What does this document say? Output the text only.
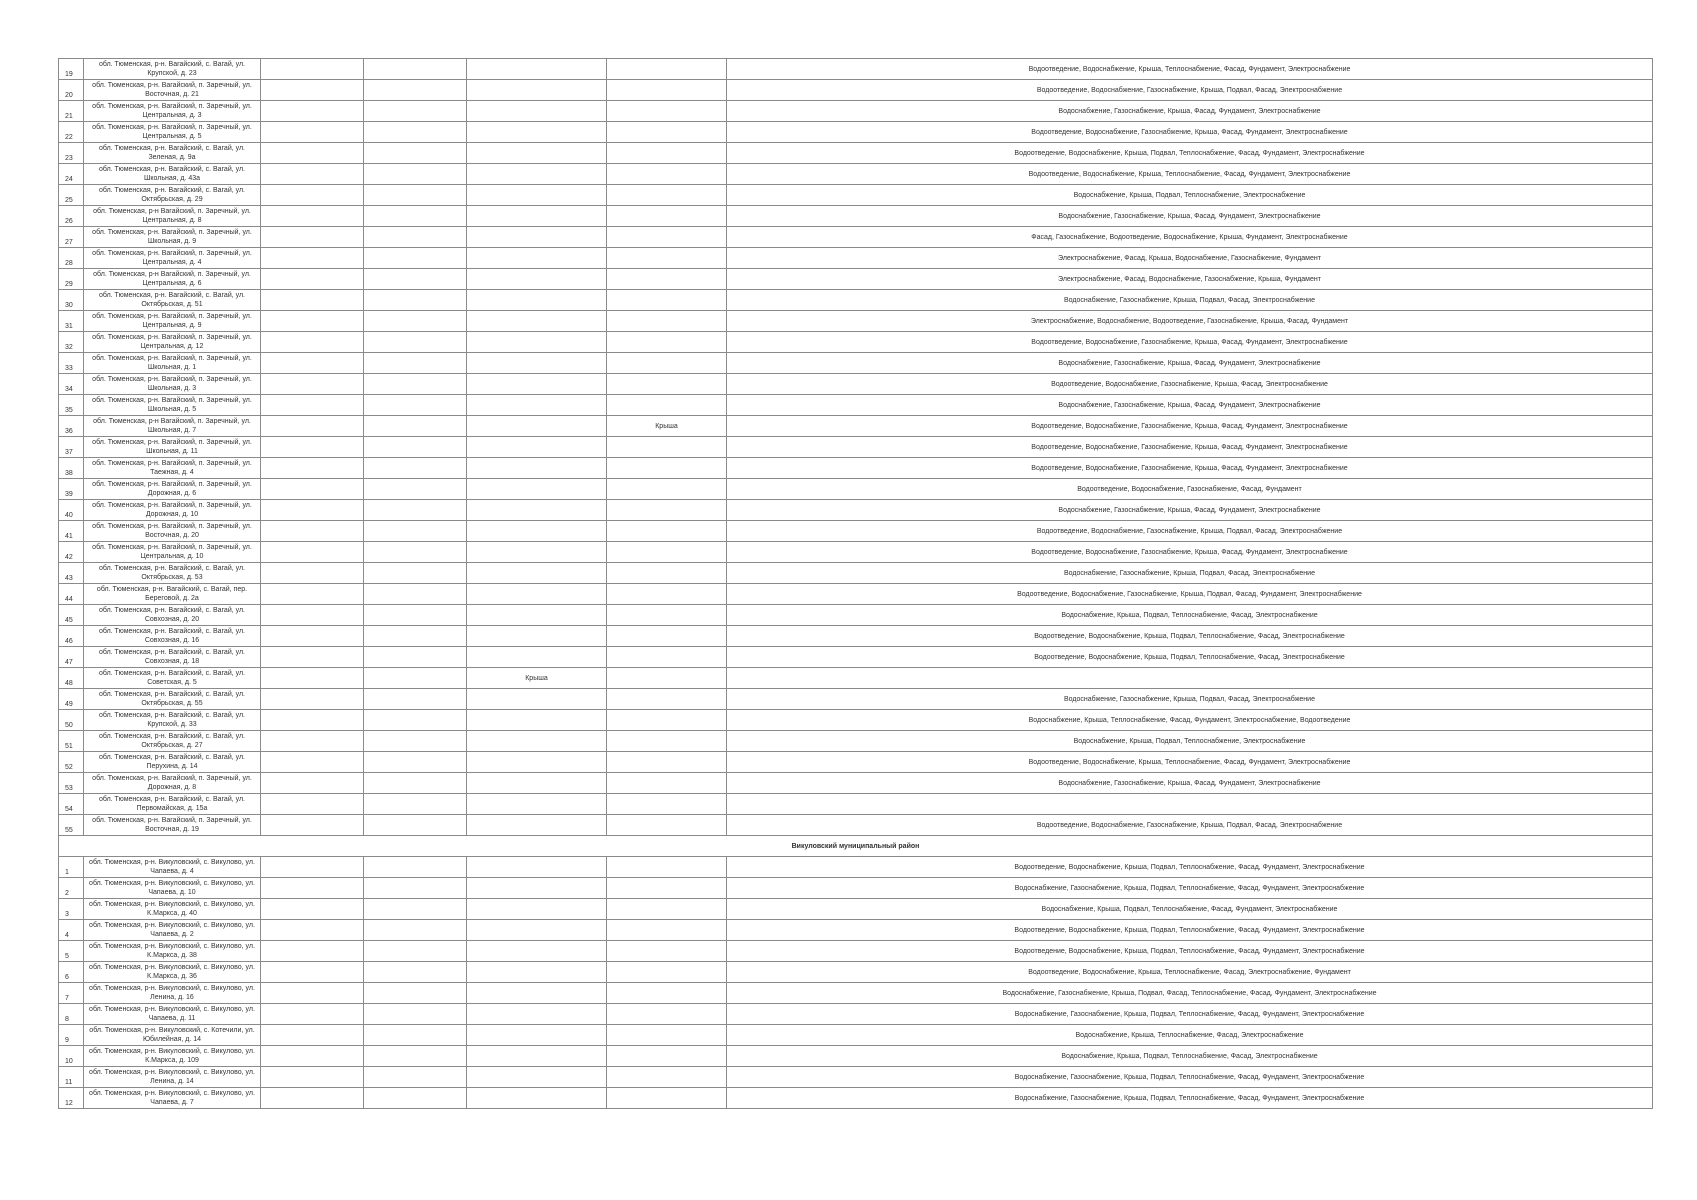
19	обл. Тюменская, р-н. Вагайский, с. Вагай, ул. Крупской, д. 23					Водоотведение, Водоснабжение, Крыша, Теплоснабжение, Фасад, Фундамент, Электроснабжение
20	обл. Тюменская, р-н. Вагайский, п. Заречный, ул. Восточная, д. 21					Водоотведение, Водоснабжение, Газоснабжение, Крыша, Подвал, Фасад, Электроснабжение
21	обл. Тюменская, р-н. Вагайский, п. Заречный, ул. Центральная, д. 3					Водоснабжение, Газоснабжение, Крыша, Фасад, Фундамент, Электроснабжение
22	обл. Тюменская, р-н. Вагайский, п. Заречный, ул. Центральная, д. 5					Водоотведение, Водоснабжение, Газоснабжение, Крыша, Фасад, Фундамент, Электроснабжение
23	обл. Тюменская, р-н. Вагайский, с. Вагай, ул. Зеленая, д. 9а					Водоотведение, Водоснабжение, Крыша, Подвал, Теплоснабжение, Фасад, Фундамент, Электроснабжение
24	обл. Тюменская, р-н. Вагайский, с. Вагай, ул. Школьная, д. 43а					Водоотведение, Водоснабжение, Крыша, Теплоснабжение, Фасад, Фундамент, Электроснабжение
25	обл. Тюменская, р-н. Вагайский, с. Вагай, ул. Октябрьская, д. 29					Водоснабжение, Крыша, Подвал, Теплоснабжение, Электроснабжение
26	обл. Тюменская, р-н Вагайский, п. Заречный, ул. Центральная, д. 8					Водоснабжение, Газоснабжение, Крыша, Фасад, Фундамент, Электроснабжение
27	обл. Тюменская, р-н. Вагайский, п. Заречный, ул. Школьная, д. 9					Фасад, Газоснабжение, Водоотведение, Водоснабжение, Крыша, Фундамент, Электроснабжение
28	обл. Тюменская, р-н. Вагайский, п. Заречный, ул. Центральная, д. 4					Электроснабжение, Фасад, Крыша, Водоснабжение, Газоснабжение, Фундамент
29	обл. Тюменская, р-н Вагайский, п. Заречный, ул. Центральная, д. 6					Электроснабжение, Фасад, Водоснабжение, Газоснабжение, Крыша, Фундамент
30	обл. Тюменская, р-н. Вагайский, с. Вагай, ул. Октябрьская, д. 51					Водоснабжение, Газоснабжение, Крыша, Подвал, Фасад, Электроснабжение
31	обл. Тюменская, р-н. Вагайский, п. Заречный, ул. Центральная, д. 9					Электроснабжение, Водоснабжение, Водоотведение, Газоснабжение, Крыша, Фасад, Фундамент
32	обл. Тюменская, р-н. Вагайский, п. Заречный, ул. Центральная, д. 12					Водоотведение, Водоснабжение, Газоснабжение, Крыша, Фасад, Фундамент, Электроснабжение
33	обл. Тюменская, р-н. Вагайский, п. Заречный, ул. Школьная, д. 1					Водоснабжение, Газоснабжение, Крыша, Фасад, Фундамент, Электроснабжение
34	обл. Тюменская, р-н. Вагайский, п. Заречный, ул. Школьная, д. 3					Водоотведение, Водоснабжение, Газоснабжение, Крыша, Фасад, Электроснабжение
35	обл. Тюменская, р-н. Вагайский, п. Заречный, ул. Школьная, д. 5					Водоснабжение, Газоснабжение, Крыша, Фасад, Фундамент, Электроснабжение
36	обл. Тюменская, р-н Вагайский, п. Заречный, ул. Школьная, д. 7				Крыша	Водоотведение, Водоснабжение, Газоснабжение, Крыша, Фасад, Фундамент, Электроснабжение
37	обл. Тюменская, р-н. Вагайский, п. Заречный, ул. Школьная, д. 11					Водоотведение, Водоснабжение, Газоснабжение, Крыша, Фасад, Фундамент, Электроснабжение
38	обл. Тюменская, р-н. Вагайский, п. Заречный, ул. Таежная, д. 4					Водоотведение, Водоснабжение, Газоснабжение, Крыша, Фасад, Фундамент, Электроснабжение
39	обл. Тюменская, р-н. Вагайский, п. Заречный, ул. Дорожная, д. 6					Водоотведение, Водоснабжение, Газоснабжение, Фасад, Фундамент
40	обл. Тюменская, р-н. Вагайский, п. Заречный, ул. Дорожная, д. 10					Водоснабжение, Газоснабжение, Крыша, Фасад, Фундамент, Электроснабжение
41	обл. Тюменская, р-н. Вагайский, п. Заречный, ул. Восточная, д. 20					Водоотведение, Водоснабжение, Газоснабжение, Крыша, Подвал, Фасад, Электроснабжение
42	обл. Тюменская, р-н. Вагайский, п. Заречный, ул. Центральная, д. 10					Водоотведение, Водоснабжение, Газоснабжение, Крыша, Фасад, Фундамент, Электроснабжение
43	обл. Тюменская, р-н. Вагайский, с. Вагай, ул. Октябрьская, д. 53					Водоснабжение, Газоснабжение, Крыша, Подвал, Фасад, Электроснабжение
44	обл. Тюменская, р-н. Вагайский, с. Вагай, пер. Береговой, д. 2а					Водоотведение, Водоснабжение, Газоснабжение, Крыша, Подвал, Фасад, Фундамент, Электроснабжение
45	обл. Тюменская, р-н. Вагайский, с. Вагай, ул. Совхозная, д. 20					Водоснабжение, Крыша, Подвал, Теплоснабжение, Фасад, Электроснабжение
46	обл. Тюменская, р-н. Вагайский, с. Вагай, ул. Совхозная, д. 16					Водоотведение, Водоснабжение, Крыша, Подвал, Теплоснабжение, Фасад, Электроснабжение
47	обл. Тюменская, р-н. Вагайский, с. Вагай, ул. Совхозная, д. 18					Водоотведение, Водоснабжение, Крыша, Подвал, Теплоснабжение, Фасад, Электроснабжение
48	обл. Тюменская, р-н. Вагайский, с. Вагай, ул. Советская, д. 5			Крыша		
49	обл. Тюменская, р-н. Вагайский, с. Вагай, ул. Октябрьская, д. 55					Водоснабжение, Газоснабжение, Крыша, Подвал, Фасад, Электроснабжение
50	обл. Тюменская, р-н. Вагайский, с. Вагай, ул. Крупской, д. 33					Водоснабжение, Крыша, Теплоснабжение, Фасад, Фундамент, Электроснабжение, Водоотведение
51	обл. Тюменская, р-н. Вагайский, с. Вагай, ул. Октябрьская, д. 27					Водоснабжение, Крыша, Подвал, Теплоснабжение, Электроснабжение
52	обл. Тюменская, р-н. Вагайский, с. Вагай, ул. Перухина, д. 14					Водоотведение, Водоснабжение, Крыша, Теплоснабжение, Фасад, Фундамент, Электроснабжение
53	обл. Тюменская, р-н. Вагайский, п. Заречный, ул. Дорожная, д. 8					Водоснабжение, Газоснабжение, Крыша, Фасад, Фундамент, Электроснабжение
54	обл. Тюменская, р-н. Вагайский, с. Вагай, ул. Первомайская, д. 15а					
55	обл. Тюменская, р-н. Вагайский, п. Заречный, ул. Восточная, д. 19					Водоотведение, Водоснабжение, Газоснабжение, Крыша, Подвал, Фасад, Электроснабжение
Викуловский муниципальный район						
1	обл. Тюменская, р-н. Викуловский, с. Викулово, ул. Чапаева, д. 4					Водоотведение, Водоснабжение, Крыша, Подвал, Теплоснабжение, Фасад, Фундамент, Электроснабжение
2	обл. Тюменская, р-н. Викуловский, с. Викулово, ул. Чапаева, д. 10					Водоснабжение, Газоснабжение, Крыша, Подвал, Теплоснабжение, Фасад, Фундамент, Электроснабжение
3	обл. Тюменская, р-н. Викуловский, с. Викулово, ул. К.Маркса, д. 40					Водоснабжение, Крыша, Подвал, Теплоснабжение, Фасад, Фундамент, Электроснабжение
4	обл. Тюменская, р-н. Викуловский, с. Викулово, ул. Чапаева, д. 2					Водоотведение, Водоснабжение, Крыша, Подвал, Теплоснабжение, Фасад, Фундамент, Электроснабжение
5	обл. Тюменская, р-н. Викуловский, с. Викулово, ул. К.Маркса, д. 38					Водоотведение, Водоснабжение, Крыша, Подвал, Теплоснабжение, Фасад, Фундамент, Электроснабжение
6	обл. Тюменская, р-н. Викуловский, с. Викулово, ул. К.Маркса, д. 36					Водоотведение, Водоснабжение, Крыша, Теплоснабжение, Фасад, Электроснабжение, Фундамент
7	обл. Тюменская, р-н. Викуловский, с. Викулово, ул. Ленина, д. 16					Водоснабжение, Газоснабжение, Крыша, Подвал, Фасад, Теплоснабжение, Фасад, Фундамент, Электроснабжение
8	обл. Тюменская, р-н. Викуловский, с. Викулово, ул. Чапаева, д. 11					Водоснабжение, Газоснабжение, Крыша, Подвал, Теплоснабжение, Фасад, Фундамент, Электроснабжение
9	обл. Тюменская, р-н. Викуловский, с. Котечили, ул. Юбилейная, д. 14					Водоснабжение, Крыша, Теплоснабжение, Фасад, Электроснабжение
10	обл. Тюменская, р-н. Викуловский, с. Викулово, ул. К.Маркса, д. 109					Водоснабжение, Крыша, Подвал, Теплоснабжение, Фасад, Электроснабжение
11	обл. Тюменская, р-н. Викуловский, с. Викулово, ул. Ленина, д. 14					Водоснабжение, Газоснабжение, Крыша, Подвал, Теплоснабжение, Фасад, Фундамент, Электроснабжение
12	обл. Тюменская, р-н. Викуловский, с. Викулово, ул. Чапаева, д. 7					Водоснабжение, Газоснабжение, Крыша, Подвал, Теплоснабжение, Фасад, Фундамент, Электроснабжение
